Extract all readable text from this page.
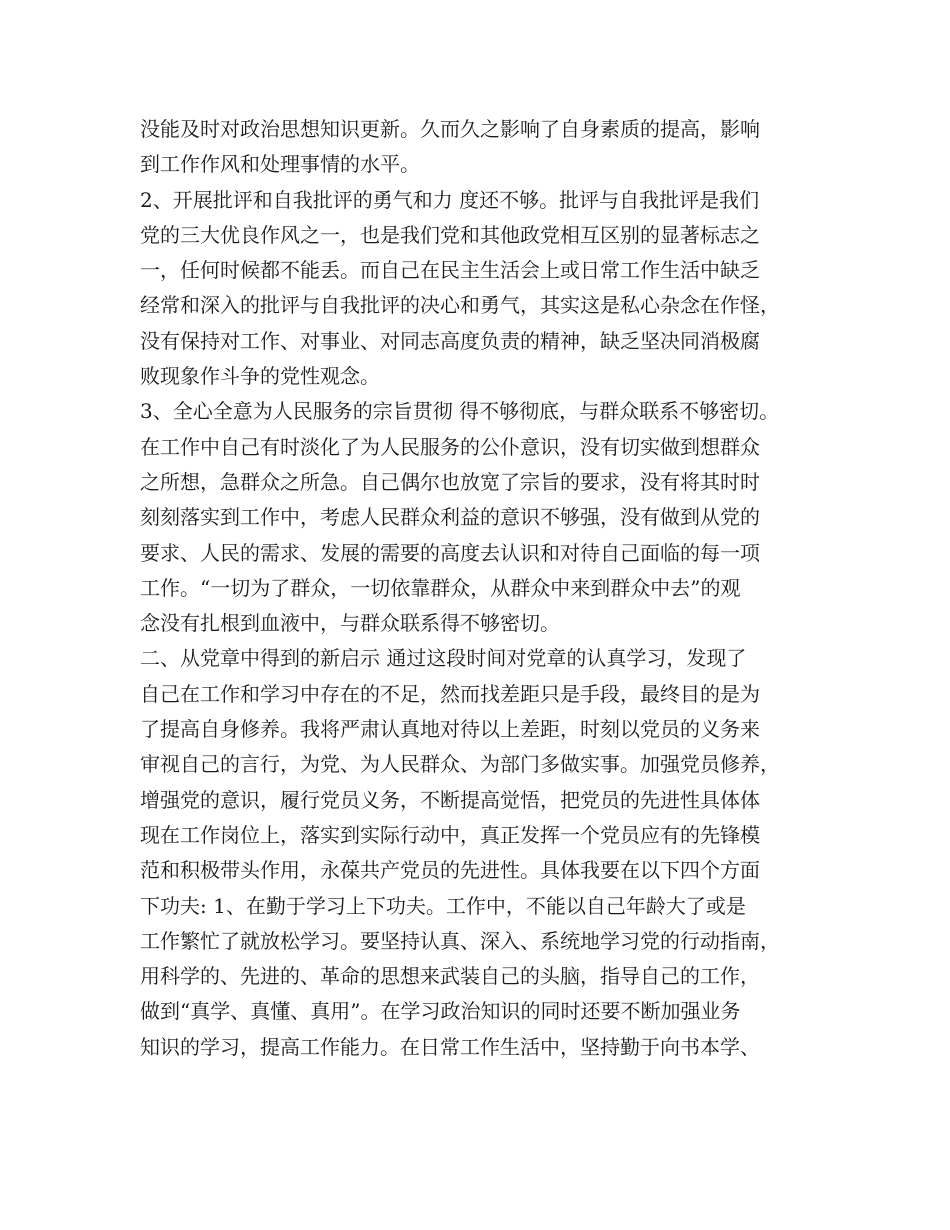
没能及时对政治思想知识更新。久而久之影响了自身素质的提高，影响
到工作作风和处理事情的水平。
2、开展批评和自我批评的勇气和力 度还不够。批评与自我批评是我们
党的三大优良作风之一，也是我们党和其他政党相互区别的显著标志之
一，任何时候都不能丢。而自己在民主生活会上或日常工作生活中缺乏
经常和深入的批评与自我批评的决心和勇气，其实这是私心杂念在作怪，
没有保持对工作、对事业、对同志高度负责的精神，缺乏坚决同消极腐
败现象作斗争的党性观念。
3、全心全意为人民服务的宗旨贯彻 得不够彻底，与群众联系不够密切。
在工作中自己有时淡化了为人民服务的公仆意识，没有切实做到想群众
之所想，急群众之所急。自己偶尔也放宽了宗旨的要求，没有将其时时
刻刻落实到工作中，考虑人民群众利益的意识不够强，没有做到从党的
要求、人民的需求、发展的需要的高度去认识和对待自己面临的每一项
工作。“一切为了群众，一切依靠群众，从群众中来到群众中去”的观
念没有扎根到血液中，与群众联系得不够密切。
二、从党章中得到的新启示 通过这段时间对党章的认真学习，发现了
自己在工作和学习中存在的不足，然而找差距只是手段，最终目的是为
了提高自身修养。我将严肃认真地对待以上差距，时刻以党员的义务来
审视自己的言行，为党、为人民群众、为部门多做实事。加强党员修养，
增强党的意识，履行党员义务，不断提高觉悟，把党员的先进性具体体
现在工作岗位上，落实到实际行动中，真正发挥一个党员应有的先锋模
范和积极带头作用，永葆共产党员的先进性。具体我要在以下四个方面
下功夫: 1、在勤于学习上下功夫。工作中，不能以自己年龄大了或是
工作繁忙了就放松学习。要坚持认真、深入、系统地学习党的行动指南，
用科学的、先进的、革命的思想来武装自己的头脑，指导自己的工作，
做到“真学、真懂、真用”。在学习政治知识的同时还要不断加强业务
知识的学习，提高工作能力。在日常工作生活中，坚持勤于向书本学、
